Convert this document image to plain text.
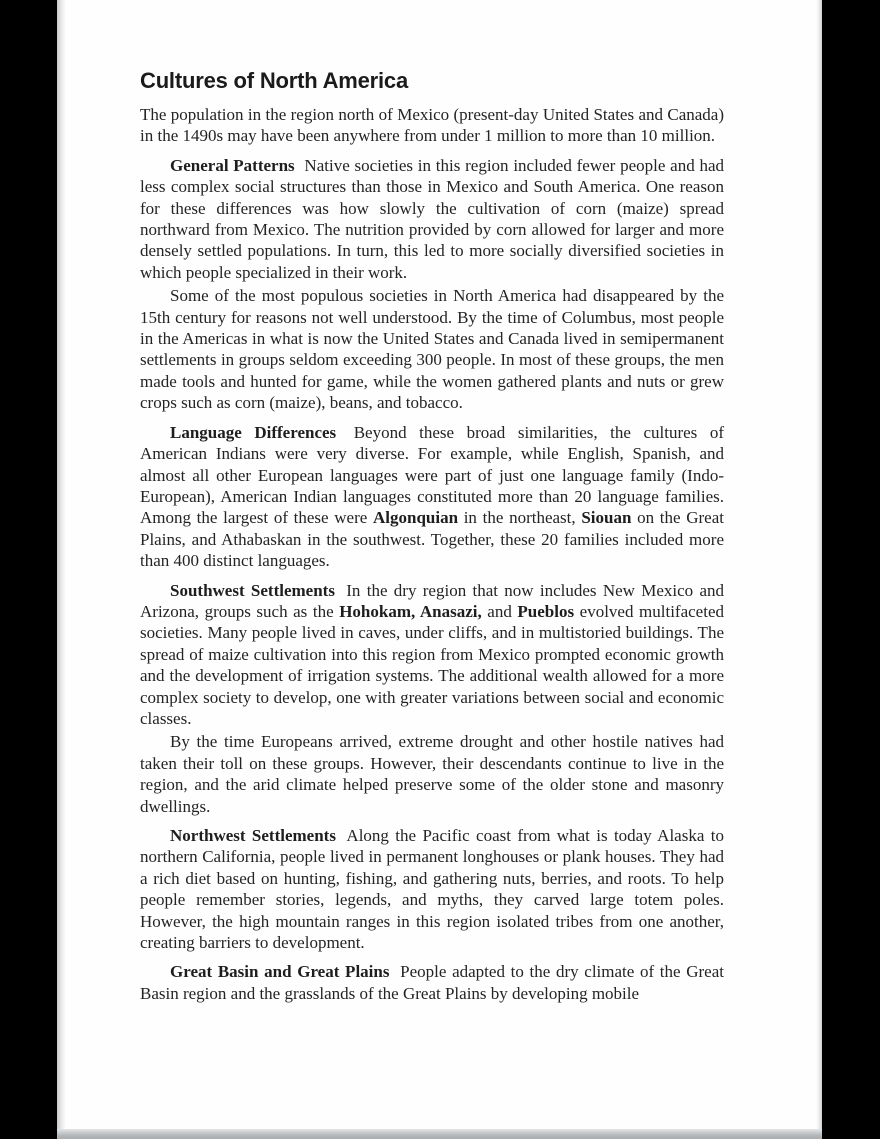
Cultures of North America

The population in the region north of Mexico (present-day United States and Canada) in the 1490s may have been anywhere from under 1 million to more than 10 million.

General Patterns Native societies in this region included fewer people and had less complex social structures than those in Mexico and South America. One reason for these differences was how slowly the cultivation of corn (maize) spread northward from Mexico. The nutrition provided by corn allowed for larger and more densely settled populations. In turn, this led to more socially diversified societies in which people specialized in their work.

Some of the most populous societies in North America had disappeared by the 15th century for reasons not well understood. By the time of Columbus, most people in the Americas in what is now the United States and Canada lived in semipermanent settlements in groups seldom exceeding 300 people. In most of these groups, the men made tools and hunted for game, while the women gathered plants and nuts or grew crops such as corn (maize), beans, and tobacco.

Language Differences Beyond these broad similarities, the cultures of American Indians were very diverse. For example, while English, Spanish, and almost all other European languages were part of just one language family (Indo-European), American Indian languages constituted more than 20 language families. Among the largest of these were Algonquian in the northeast, Siouan on the Great Plains, and Athabaskan in the southwest. Together, these 20 families included more than 400 distinct languages.

Southwest Settlements In the dry region that now includes New Mexico and Arizona, groups such as the Hohokam, Anasazi, and Pueblos evolved multifaceted societies. Many people lived in caves, under cliffs, and in multistoried buildings. The spread of maize cultivation into this region from Mexico prompted economic growth and the development of irrigation systems. The additional wealth allowed for a more complex society to develop, one with greater variations between social and economic classes.

By the time Europeans arrived, extreme drought and other hostile natives had taken their toll on these groups. However, their descendants continue to live in the region, and the arid climate helped preserve some of the older stone and masonry dwellings.

Northwest Settlements Along the Pacific coast from what is today Alaska to northern California, people lived in permanent longhouses or plank houses. They had a rich diet based on hunting, fishing, and gathering nuts, berries, and roots. To help people remember stories, legends, and myths, they carved large totem poles. However, the high mountain ranges in this region isolated tribes from one another, creating barriers to development.

Great Basin and Great Plains People adapted to the dry climate of the Great Basin region and the grasslands of the Great Plains by developing mobile
